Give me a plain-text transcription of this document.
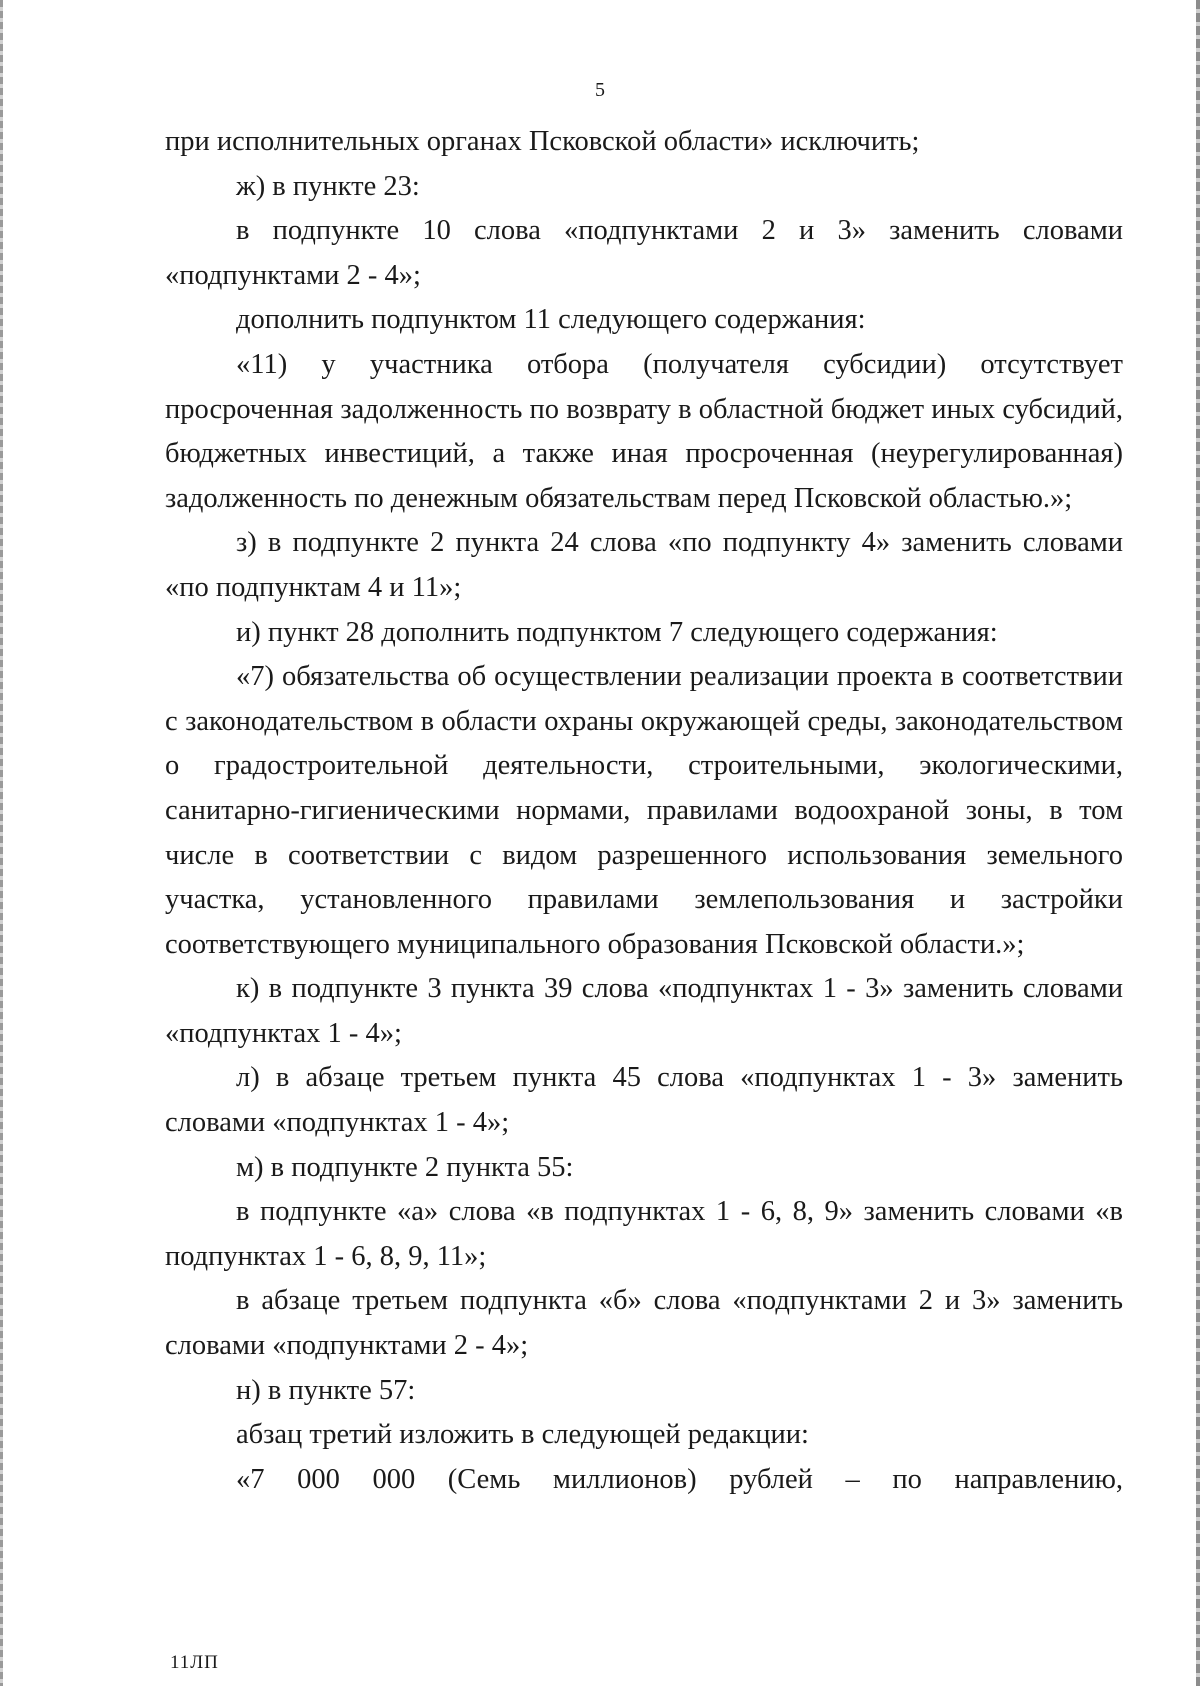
5

при исполнительных органах Псковской области» исключить;

ж) в пункте 23:

в подпункте 10 слова «подпунктами 2 и 3» заменить словами «подпунктами 2 - 4»;

дополнить подпунктом 11 следующего содержания:

«11) у участника отбора (получателя субсидии) отсутствует просроченная задолженность по возврату в областной бюджет иных субсидий, бюджетных инвестиций, а также иная просроченная (неурегулированная) задолженность по денежным обязательствам перед Псковской областью.»;

з) в подпункте 2 пункта 24 слова «по подпункту 4» заменить словами «по подпунктам 4 и 11»;

и) пункт 28 дополнить подпунктом 7 следующего содержания:

«7) обязательства об осуществлении реализации проекта в соответствии с законодательством в области охраны окружающей среды, законодательством о градостроительной деятельности, строительными, экологическими, санитарно-гигиеническими нормами, правилами водоохраной зоны, в том числе в соответствии с видом разрешенного использования земельного участка, установленного правилами землепользования и застройки соответствующего муниципального образования Псковской области.»;

к) в подпункте 3 пункта 39 слова «подпунктах 1 - 3» заменить словами «подпунктах 1 - 4»;

л) в абзаце третьем пункта 45 слова «подпунктах 1 - 3» заменить словами «подпунктах 1 - 4»;

м) в подпункте 2 пункта 55:

в подпункте «а» слова «в подпунктах 1 - 6, 8, 9» заменить словами «в подпунктах 1 - 6, 8, 9, 11»;

в абзаце третьем подпункта «б» слова «подпунктами 2 и 3» заменить словами «подпунктами 2 - 4»;

н) в пункте 57:

абзац третий изложить в следующей редакции:

«7 000 000 (Семь миллионов) рублей – по направлению,

11ЛП
